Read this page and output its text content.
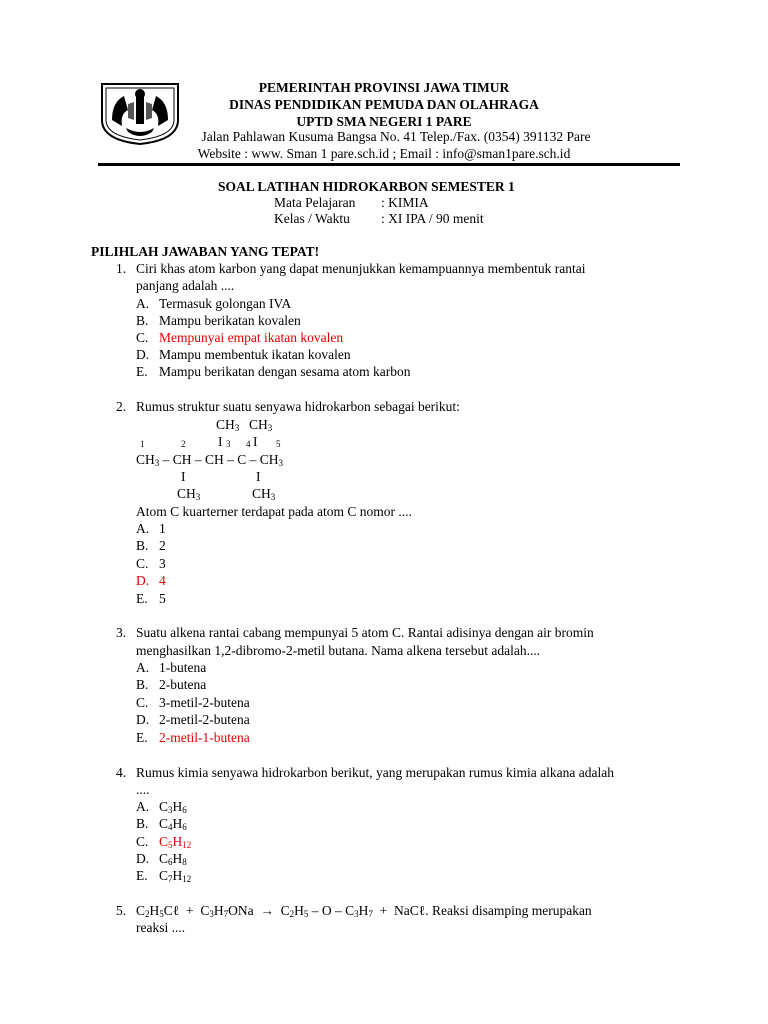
PEMERINTAH PROVINSI JAWA TIMUR
DINAS PENDIDIKAN PEMUDA DAN OLAHRAGA
UPTD SMA NEGERI 1 PARE
Jalan Pahlawan Kusuma Bangsa No. 41 Telep./Fax. (0354) 391132 Pare
Website : www. Sman 1 pare.sch.id ; Email : info@sman1pare.sch.id
SOAL LATIHAN HIDROKARBON SEMESTER 1
Mata Pelajaran : KIMIA
Kelas / Waktu : XI IPA / 90 menit
PILIHLAH JAWABAN YANG TEPAT!
1. Ciri khas atom karbon yang dapat menunjukkan kemampuannya membentuk rantai
panjang adalah ....
A. Termasuk golongan IVA
B. Mampu berikatan kovalen
C. Mempunyai empat ikatan kovalen
D. Mampu membentuk ikatan kovalen
E. Mampu berikatan dengan sesama atom karbon
2. Rumus struktur suatu senyawa hidrokarbon sebagai berikut:
$CH_3$ $CH_3$
1	2 I 3 4 I 5
$CH_3$ – CH – CH – C – $CH_3$
I	I
$CH_3$	$CH_3$
Atom C kuarterner terdapat pada atom C nomor ....
A. 1
B. 2
C. 3
D. 4
E. 5
3. Suatu alkena rantai cabang mempunyai 5 atom C. Rantai adisinya dengan air bromin
menghasilkan 1,2-dibromo-2-metil butana. Nama alkena tersebut adalah....
A. 1-butena
B. 2-butena
C. 3-metil-2-butena
D. 2-metil-2-butena
E. 2-metil-1-butena
4. Rumus kimia senyawa hidrokarbon berikut, yang merupakan rumus kimia alkana adalah
....
A. $C_3H_6$
B. $C_4H_6$
C. $C_5H_{12}$
D. $C_6H_8$
E. $C_7H_{12}$
5. $C_2H_5C\ell + C_3H_7ONa \to C_2H_5 - O - C_3H_7$  +  NaCℓ. Reaksi disamping merupakan
reaksi ....
